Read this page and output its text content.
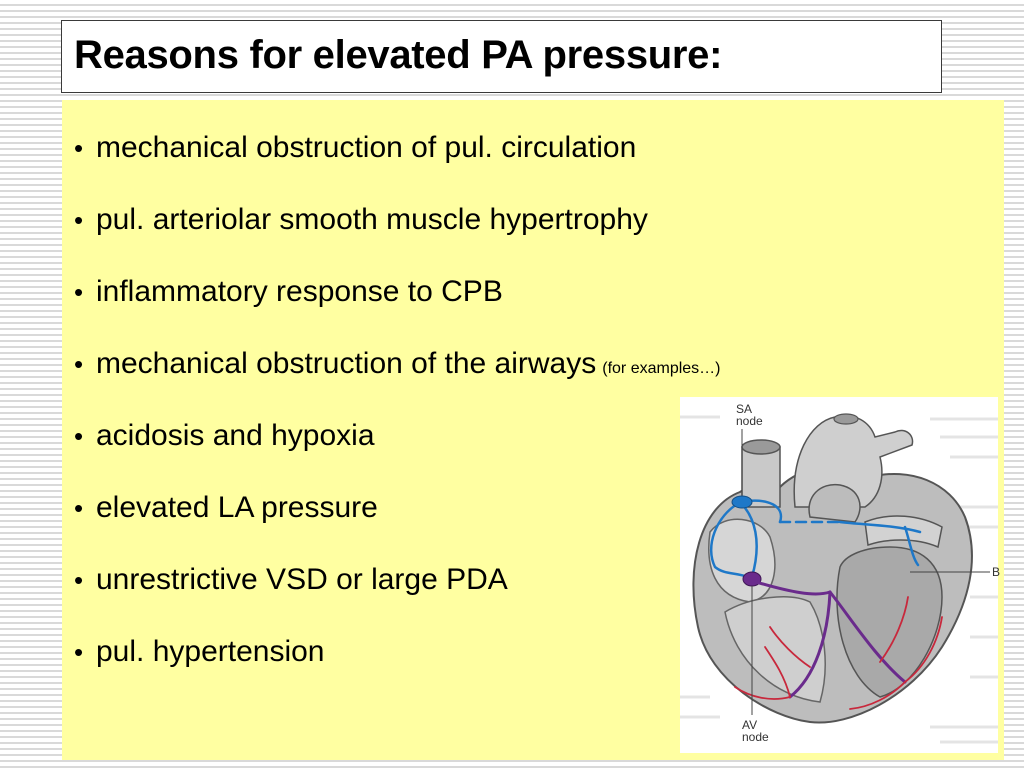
Reasons for elevated PA pressure:
• mechanical obstruction of pul. circulation
• pul. arteriolar smooth muscle hypertrophy
• inflammatory response to CPB
• mechanical obstruction of the airways (for examples…)
• acidosis and hypoxia
• elevated LA pressure
• unrestrictive VSD or large PDA
• pul. hypertension
SA
node
B
AV
node
